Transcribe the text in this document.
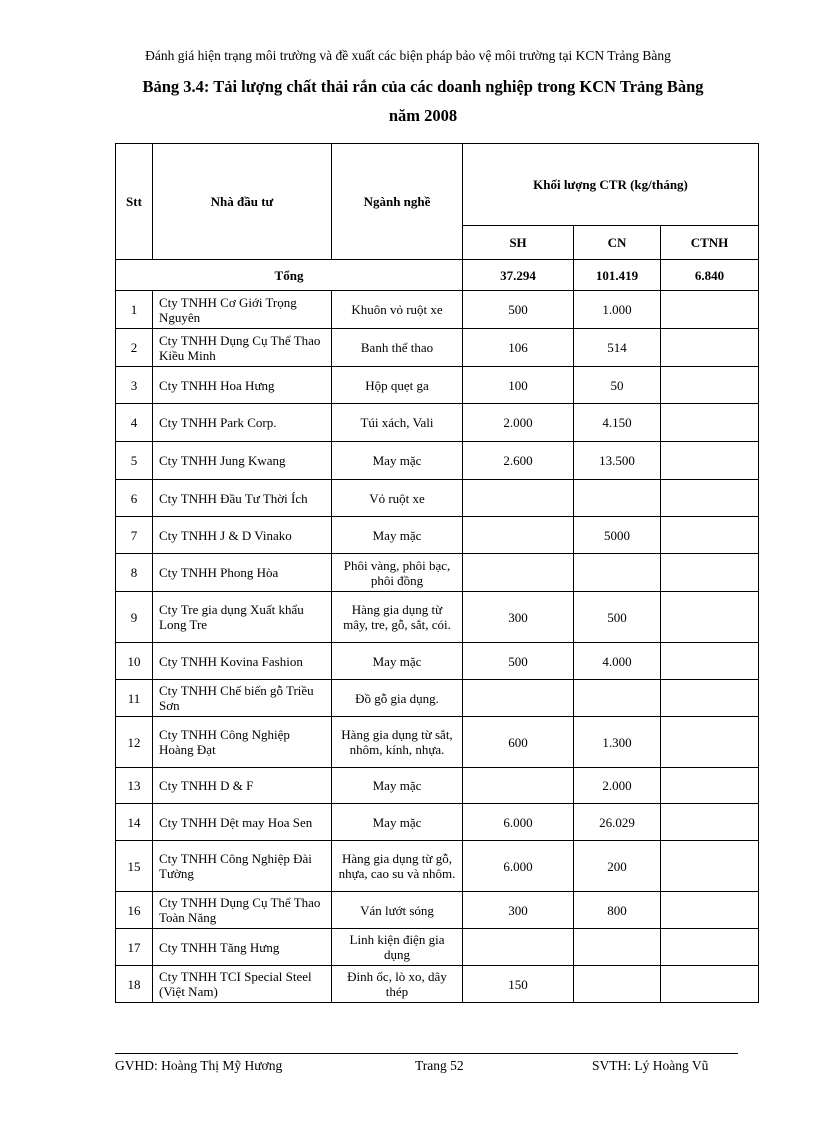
Đánh giá hiện trạng môi trường và đề xuất các biện pháp bảo vệ môi trường tại KCN Trảng Bàng
Bảng 3.4: Tải lượng chất thải rắn của các doanh nghiệp trong KCN Trảng Bàng
năm 2008
Stt	Nhà đầu tư	Ngành nghề	Khối lượng CTR (kg/tháng)		
			SH	CN	CTNH
Tổng			37.294	101.419	6.840
1	Cty TNHH Cơ Giới Trọng Nguyên	Khuôn vỏ ruột xe	500	1.000	
2	Cty TNHH Dụng Cụ Thể Thao Kiều Minh	Banh thể thao	106	514	
3	Cty TNHH Hoa Hưng	Hộp quẹt ga	100	50	
4	Cty TNHH Park Corp.	Túi xách, Vali	2.000	4.150	
5	Cty TNHH Jung Kwang	May mặc	2.600	13.500	
6	Cty TNHH Đầu Tư Thời Ích	Vỏ ruột xe			
7	Cty TNHH J & D Vinako	May mặc		5000	
8	Cty TNHH Phong Hòa	Phôi vàng, phôi bạc, phôi đồng			
9	Cty Tre gia dụng Xuất khẩu Long Tre	Hàng gia dụng từ mây, tre, gỗ, sắt, cói.	300	500	
10	Cty TNHH Kovina Fashion	May mặc	500	4.000	
11	Cty TNHH Chế biến gỗ Triều Sơn	Đồ gỗ gia dụng.			
12	Cty TNHH Công Nghiệp Hoàng Đạt	Hàng gia dụng từ sắt, nhôm, kính, nhựa.	600	1.300	
13	Cty TNHH D & F	May mặc		2.000	
14	Cty TNHH Dệt may Hoa Sen	May mặc	6.000	26.029	
15	Cty TNHH Công Nghiệp Đài Tường	Hàng gia dụng từ gỗ, nhựa, cao su và nhôm.	6.000	200	
16	Cty TNHH Dụng Cụ Thể Thao Toàn Năng	Ván lướt sóng	300	800	
17	Cty TNHH Tăng Hưng	Linh kiện điện gia dụng			
18	Cty TNHH TCI Special Steel (Việt Nam)	Đinh ốc, lò xo, dây thép	150		
GVHD: Hoàng Thị Mỹ Hương	Trang 52	SVTH: Lý Hoàng Vũ
